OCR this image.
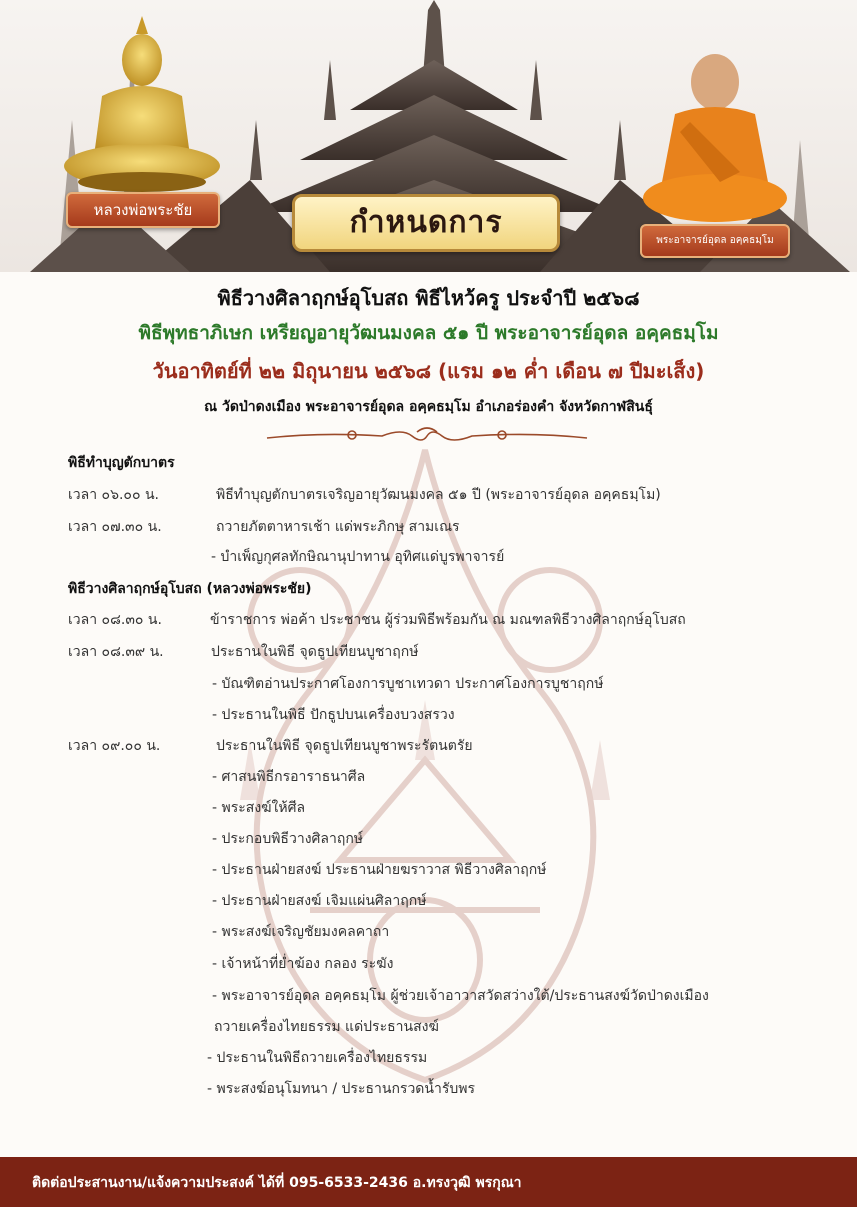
หลวงพ่อพระชัย	กำหนดการ
พระอาจารย์อุดล อคฺคธมฺโม
พิธีวางศิลาฤกษ์อุโบสถ พิธีไหว้ครู ประจำปี ๒๕๖๘
พิธีพุทธาภิเษก เหรียญอายุวัฒนมงคล ๕๑ ปี พระอาจารย์อุดล อคฺคธมฺโม
วันอาทิตย์ที่ ๒๒ มิถุนายน ๒๕๖๘ (แรม ๑๒ ค่ำ เดือน ๗ ปีมะเส็ง)
ณ วัดป่าดงเมือง พระอาจารย์อุดล อคฺคธมฺโม อำเภอร่องคำ จังหวัดกาฬสินธุ์
พิธีทำบุญตักบาตร
เวลา ๐๖.๐๐ น.	พิธีทำบุญตักบาตรเจริญอายุวัฒนมงคล ๕๑ ปี (พระอาจารย์อุดล อคฺคธมฺโม)
เวลา ๐๗.๓๐ น.	ถวายภัตตาหารเช้า แด่พระภิกษุ สามเณร
- บำเพ็ญกุศลทักษิณานุปาทาน อุทิศแด่บูรพาจารย์
พิธีวางศิลาฤกษ์อุโบสถ (หลวงพ่อพระชัย)
เวลา ๐๘.๓๐ น.	ข้าราชการ พ่อค้า ประชาชน ผู้ร่วมพิธีพร้อมกัน ณ มณฑลพิธีวางศิลาฤกษ์อุโบสถ
เวลา ๐๘.๓๙ น.	ประธานในพิธี จุดธูปเทียนบูชาฤกษ์
- บัณฑิตอ่านประกาศโองการบูชาเทวดา ประกาศโองการบูชาฤกษ์
- ประธานในพิธี ปักธูปบนเครื่องบวงสรวง
เวลา ๐๙.๐๐ น.	ประธานในพิธี จุดธูปเทียนบูชาพระรัตนตรัย
- ศาสนพิธีกรอาราธนาศีล
- พระสงฆ์ให้ศีล
- ประกอบพิธีวางศิลาฤกษ์
- ประธานฝ่ายสงฆ์ ประธานฝ่ายฆราวาส พิธีวางศิลาฤกษ์
- ประธานฝ่ายสงฆ์ เจิมแผ่นศิลาฤกษ์
- พระสงฆ์เจริญชัยมงคลคาถา
- เจ้าหน้าที่ย่ำฆ้อง กลอง ระฆัง
- พระอาจารย์อุดล อคฺคธมฺโม ผู้ช่วยเจ้าอาวาสวัดสว่างใต้/ประธานสงฆ์วัดป่าดงเมือง
ถวายเครื่องไทยธรรม แด่ประธานสงฆ์
- ประธานในพิธีถวายเครื่องไทยธรรม
- พระสงฆ์อนุโมทนา / ประธานกรวดน้ำรับพร
ติดต่อประสานงาน/แจ้งความประสงค์ ได้ที่ 095-6533-2436 อ.ทรงวุฒิ พรกุณา
